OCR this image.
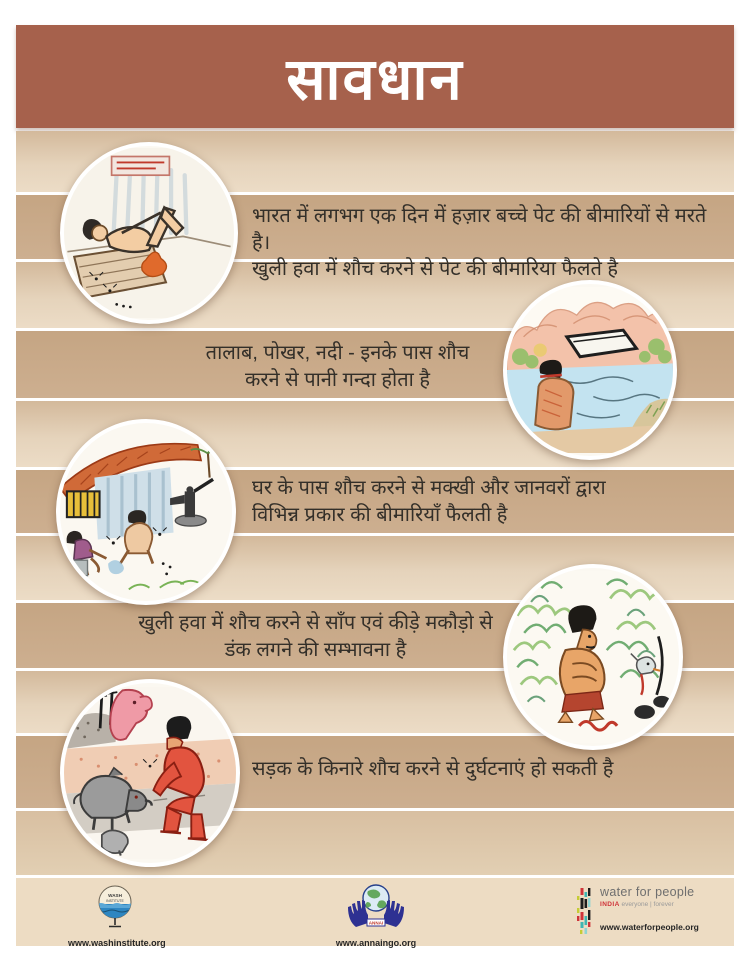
सावधान
भारत में लगभग एक दिन में हज़ार बच्चे पेट की बीमारियों से मरते है।
खुली हवा में शौच करने से पेट की बीमारिया फैलते है
तालाब, पोखर, नदी - इनके पास शौच
करने से पानी गन्दा होता है
घर के पास शौच करने से मक्खी और जानवरों द्वारा
विभिन्न प्रकार की बीमारियाँ फैलती है
खुली हवा में शौच करने से साँप एवं कीड़े मकौड़ो से
डंक लगने की सम्भावना है
सड़क के किनारे शौच करने से दुर्घटनाएं हो सकती है
WASH
INSTITUTE
www.washinstitute.org
ANNAI
www.annaingo.org
water for people
INDIA everyone | forever
www.waterforpeople.org
